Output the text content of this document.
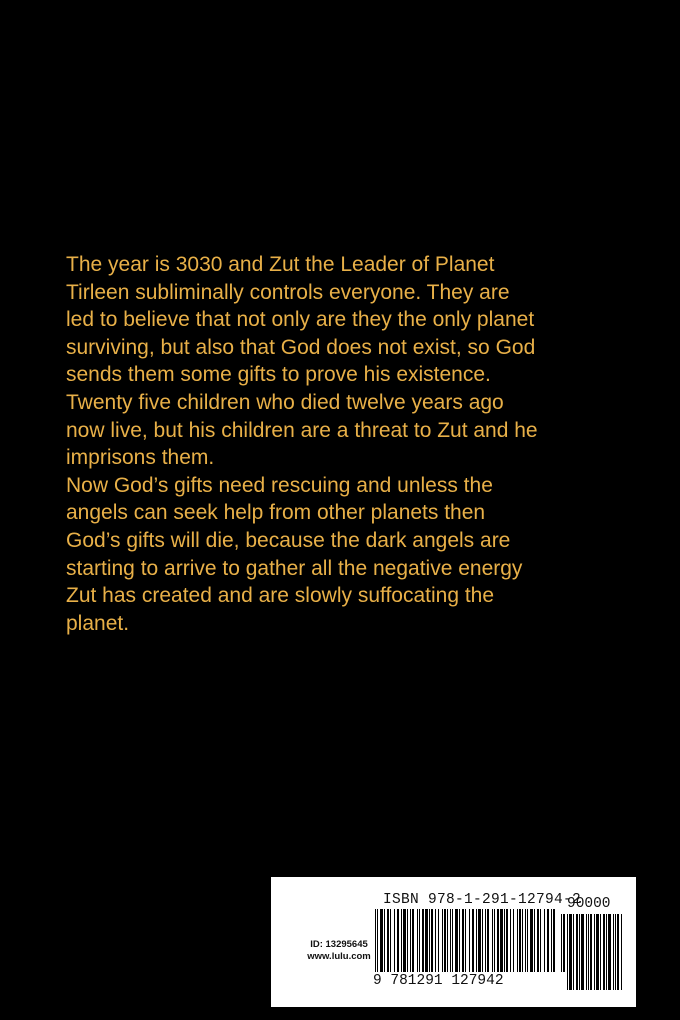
The year is 3030 and Zut the Leader of Planet
Tirleen subliminally controls everyone. They are
led to believe that not only are they the only planet
surviving, but also that God does not exist, so God
sends them some gifts to prove his existence.
Twenty five children who died twelve years ago
now live, but his children are a threat to Zut and he
imprisons them.
Now God’s gifts need rescuing and unless the
angels can seek help from other planets then
God’s gifts will die, because the dark angels are
starting to arrive to gather all the negative energy
Zut has created and are slowly suffocating the
planet.
ID: 13295645
www.lulu.com
ISBN 978-1-291-12794-2
90000
9 781291 127942
